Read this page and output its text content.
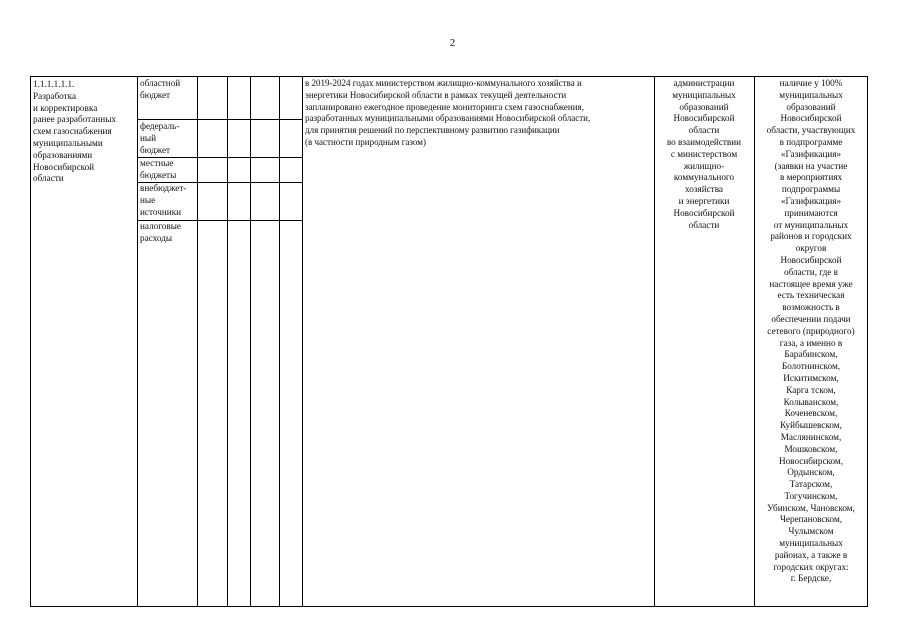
2
1.1.1.1.1.1.
Разработка
и корректировка
ранее разработанных
схем газоснабжения
муниципальными
образованиями
Новосибирской
области
областной
бюджет
федераль-
ный
бюджет
местные
бюджеты
внебюджет-
ные
источники
налоговые
расходы
в 2019-2024 годах министерством жилищно-коммунального хозяйства и
энергетики Новосибирской области в рамках текущей деятельности
запланировано ежегодное проведение мониторинга схем газоснабжения,
разработанных муниципальными образованиями Новосибирской области,
для принятия решений по перспективному развитию газификации
(в частности природным газом)
администрации
муниципальных
образований
Новосибирской
области
во взаимодействии
с министерством
жилищно-
коммунального
хозяйства
и энергетики
Новосибирской
области
наличие у 100%
муниципальных
образований
Новосибирской
области, участвующих
в подпрограмме
«Газификация»
(заявки на участие
в мероприятиях
подпрограммы
«Газификация»
принимаются
от муниципальных
районов и городских
округов
Новосибирской
области, где в
настоящее время уже
есть техническая
возможность в
обеспечении подачи
сетевого (природного)
газа, а именно в
Барабинском,
Болотнинском,
Искитимском,
Карга тском,
Колыванском,
Коченевском,
Куйбышевском,
Маслянинском,
Мошковском,
Новосибирском,
Ордынском,
Татарском,
Тогучинском,
Убинском, Чановском,
Черепановском,
Чулымском
муниципальных
районах, а также в
городских округах:
г. Бердске,
